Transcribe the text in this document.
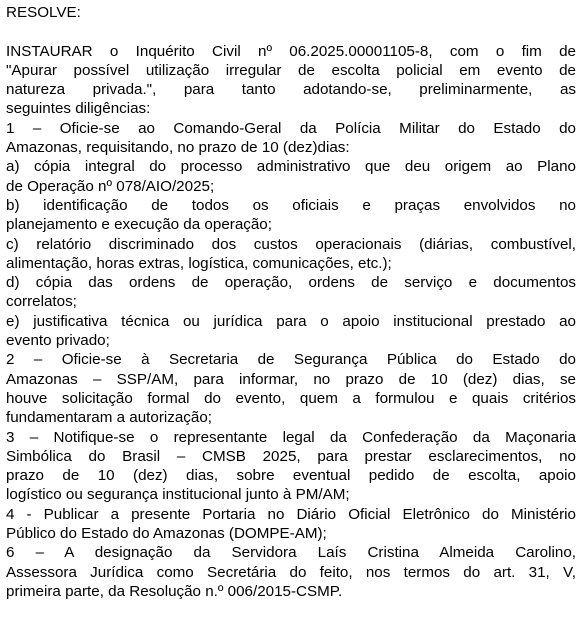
RESOLVE:
INSTAURAR o Inquérito Civil nº 06.2025.00001105-8, com o fim de
"Apurar possível utilização irregular de escolta policial em evento de
natureza privada.", para tanto adotando-se, preliminarmente, as
seguintes diligências:
1 – Oficie-se ao Comando-Geral da Polícia Militar do Estado do
Amazonas, requisitando, no prazo de 10 (dez)dias:
a) cópia integral do processo administrativo que deu origem ao Plano
de Operação nº 078/AIO/2025;
b) identificação de todos os oficiais e praças envolvidos no
planejamento e execução da operação;
c) relatório discriminado dos custos operacionais (diárias, combustível,
alimentação, horas extras, logística, comunicações, etc.);
d) cópia das ordens de operação, ordens de serviço e documentos
correlatos;
e) justificativa técnica ou jurídica para o apoio institucional prestado ao
evento privado;
2 – Oficie-se à Secretaria de Segurança Pública do Estado do
Amazonas – SSP/AM, para informar, no prazo de 10 (dez) dias, se
houve solicitação formal do evento, quem a formulou e quais critérios
fundamentaram a autorização;
3 – Notifique-se o representante legal da Confederação da Maçonaria
Simbólica do Brasil – CMSB 2025, para prestar esclarecimentos, no
prazo de 10 (dez) dias, sobre eventual pedido de escolta, apoio
logístico ou segurança institucional junto à PM/AM;
4 - Publicar a presente Portaria no Diário Oficial Eletrônico do Ministério
Público do Estado do Amazonas (DOMPE-AM);
6 – A designação da Servidora Laís Cristina Almeida Carolino,
Assessora Jurídica como Secretária do feito, nos termos do art. 31, V,
primeira parte, da Resolução n.º 006/2015-CSMP.
